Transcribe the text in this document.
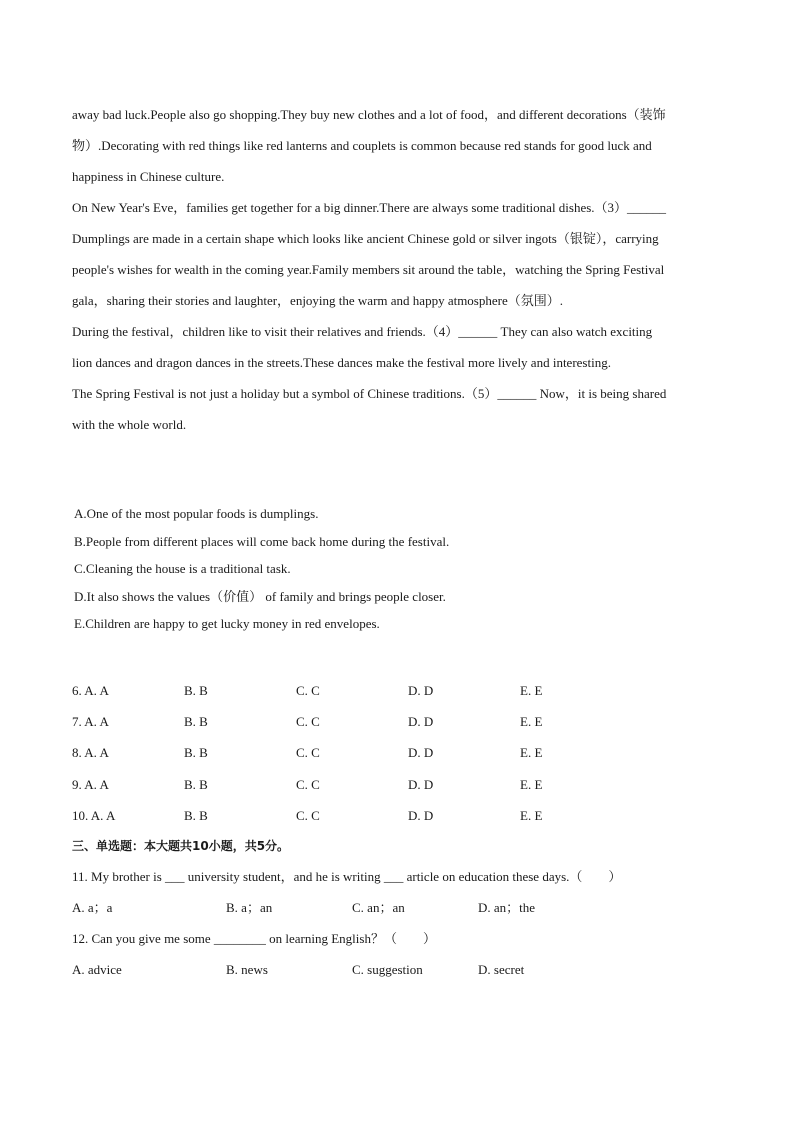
away bad luck.People also go shopping.They buy new clothes and a lot of food，and different decorations（装饰

物）.Decorating with red things like red lanterns and couplets is common because red stands for good luck and

happiness in Chinese culture.

On New Year's Eve，families get together for a big dinner.There are always some traditional dishes.（3）______

Dumplings are made in a certain shape which looks like ancient Chinese gold or silver ingots（银锭），carrying

people's wishes for wealth in the coming year.Family members sit around the table，watching the Spring Festival

gala，sharing their stories and laughter，enjoying the warm and happy atmosphere（氛围）.

During the festival，children like to visit their relatives and friends.（4）______ They can also watch exciting

lion dances and dragon dances in the streets.These dances make the festival more lively and interesting.

The Spring Festival is not just a holiday but a symbol of Chinese traditions.（5）______ Now，it is being shared

with the whole world.

A.One of the most popular foods is dumplings.

B.People from different places will come back home during the festival.

C.Cleaning the house is a traditional task.

D.It also shows the values（价值） of family and brings people closer.

E.Children are happy to get lucky money in red envelopes.

6. A. A	B. B	C. C	D. D	E. E
7. A. A	B. B	C. C	D. D	E. E
8. A. A	B. B	C. C	D. D	E. E
9. A. A	B. B	C. C	D. D	E. E
10. A. A	B. B	C. C	D. D	E. E
三、单选题：本大题共10小题，共5分。
11. My brother is ___ university student，and he is writing ___ article on education these days.（　　）
A. a；a	B. a；an	C. an；an	D. an；the
12. Can you give me some ________ on learning English？（　　）
A. advice	B. news	C. suggestion	D. secret
